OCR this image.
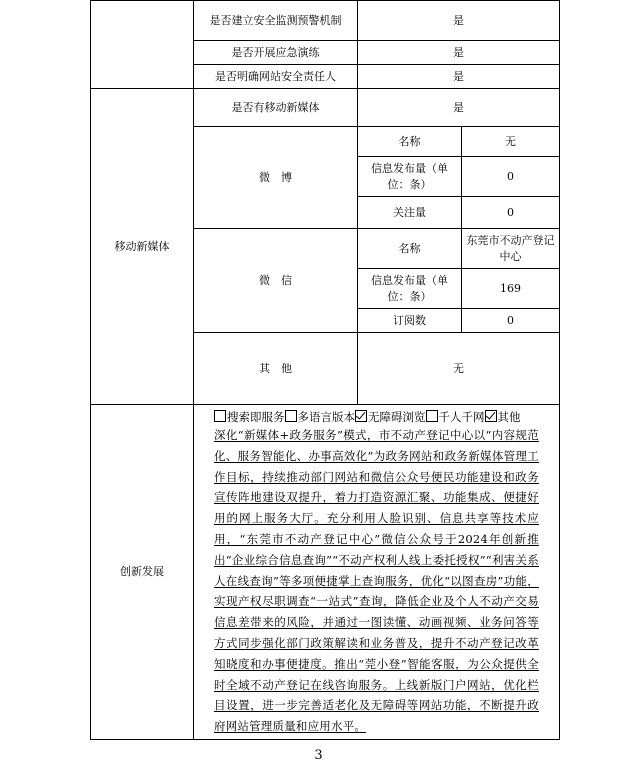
	是否建立安全监测预警机制	是	
	是否开展应急演练	是	
	是否明确网站安全责任人	是	
移动新媒体	是否有移动新媒体	是	
	微　博	名称	无
		信息发布量（单位：条）	0
		关注量	0
	微　信	名称	东莞市不动产登记中心
		信息发布量（单位：条）	169
		订阅数	0
	其　他	无	
创新发展	搜索即服务 多语言版本 无障碍浏览 千人千网 其他
深化“新媒体+政务服务”模式，市不动产登记中心以“内容规范化、服务智能化、办事高效化”为政务网站和政务新媒体管理工作目标，持续推动部门网站和微信公众号便民功能建设和政务宣传阵地建设双提升，着力打造资源汇聚、功能集成、便捷好用的网上服务大厅。充分利用人脸识别、信息共享等技术应用，“东莞市不动产登记中心”微信公众号于2024年创新推出“企业综合信息查询”“不动产权利人线上委托授权”“利害关系人在线查询”等多项便捷掌上查询服务，优化“以图查房”功能，实现产权尽职调查“一站式”查询，降低企业及个人不动产交易信息差带来的风险，并通过一图读懂、动画视频、业务问答等方式同步强化部门政策解读和业务普及，提升不动产登记改革知晓度和办事便捷度。推出“莞小登”智能客服，为公众提供全时全域不动产登记在线咨询服务。上线新版门户网站，优化栏目设置，进一步完善适老化及无障碍等网站功能，不断提升政府网站管理质量和应用水平。		
3
